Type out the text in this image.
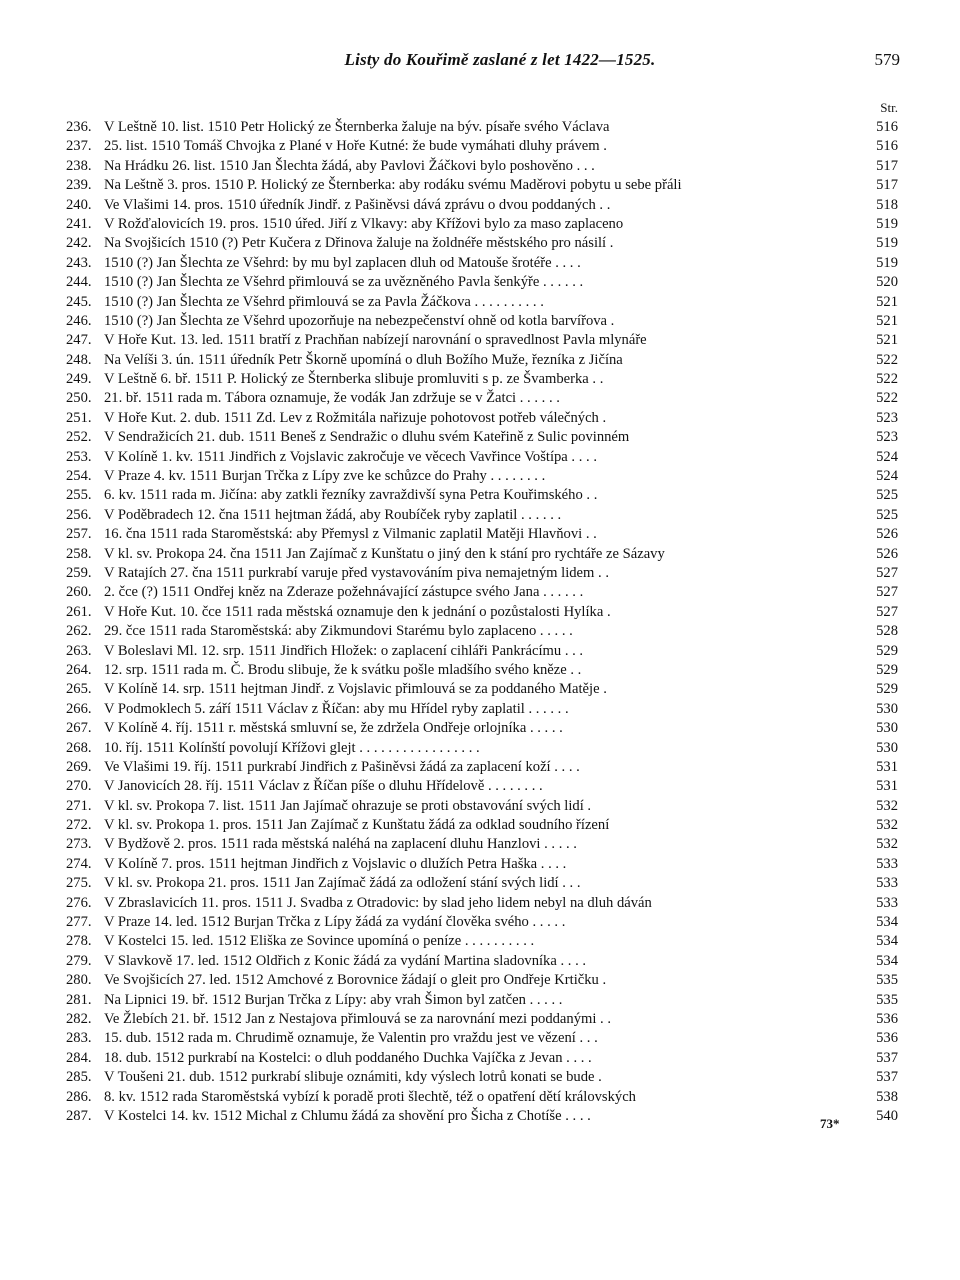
Listy do Kouřimě zaslané z let 1422—1525.	579
Str.
236. V Leštně 10. list. 1510 Petr Holický ze Šternberka žaluje na býv. písaře svého Václava	516
237. 25. list. 1510 Tomáš Chvojka z Plané v Hoře Kutné: že bude vymáhati dluhy právem .	516
238. Na Hrádku 26. list. 1510 Jan Šlechta žádá, aby Pavlovi Žáčkovi bylo poshověno . . .	517
239. Na Leštně 3. pros. 1510 P. Holický ze Šternberka: aby rodáku svému Maděrovi pobytu u sebe přáli	517
240. Ve Vlašimi 14. pros. 1510 úředník Jindř. z Pašiněvsi dává zprávu o dvou poddaných . .	518
241. V Rožďalovicích 19. pros. 1510 úřed. Jiří z Vlkavy: aby Křížovi bylo za maso zaplaceno	519
242. Na Svojšicích 1510 (?) Petr Kučera z Dřinova žaluje na žoldnéře městského pro násilí .	519
243. 1510 (?) Jan Šlechta ze Všehrd: by mu byl zaplacen dluh od Matouše šrotéře . . . .	519
244. 1510 (?) Jan Šlechta ze Všehrd přimlouvá se za uvězněného Pavla šenkýře . . . . . .	520
245. 1510 (?) Jan Šlechta ze Všehrd přimlouvá se za Pavla Žáčkova . . . . . . . . . .	521
246. 1510 (?) Jan Šlechta ze Všehrd upozorňuje na nebezpečenství ohně od kotla barvířova .	521
247. V Hoře Kut. 13. led. 1511 bratří z Prachňan nabízejí narovnání o spravedlnost Pavla mlynáře	521
248. Na Velíši 3. ún. 1511 úředník Petr Škorně upomíná o dluh Božího Muže, řezníka z Jičína	522
249. V Leštně 6. bř. 1511 P. Holický ze Šternberka slibuje promluviti s p. ze Švamberka . .	522
250. 21. bř. 1511 rada m. Tábora oznamuje, že vodák Jan zdržuje se v Žatci . . . . . .	522
251. V Hoře Kut. 2. dub. 1511 Zd. Lev z Rožmitála nařizuje pohotovost potřeb válečných .	523
252. V Sendražicích 21. dub. 1511 Beneš z Sendražic o dluhu svém Kateřině z Sulic povinném	523
253. V Kolíně 1. kv. 1511 Jindřich z Vojslavic zakročuje ve věcech Vavřince Voštípa . . . .	524
254. V Praze 4. kv. 1511 Burjan Trčka z Lípy zve ke schůzce do Prahy . . . . . . . .	524
255. 6. kv. 1511 rada m. Jičína: aby zatkli řezníky zavraždivší syna Petra Kouřimského . .	525
256. V Poděbradech 12. čna 1511 hejtman žádá, aby Roubíček ryby zaplatil . . . . . .	525
257. 16. čna 1511 rada Staroměstská: aby Přemysl z Vilmanic zaplatil Matěji Hlavňovi . .	526
258. V kl. sv. Prokopa 24. čna 1511 Jan Zajímač z Kunštatu o jiný den k stání pro rychtáře ze Sázavy	526
259. V Ratajích 27. čna 1511 purkrabí varuje před vystavováním piva nemajetným lidem . .	527
260. 2. čce (?) 1511 Ondřej kněz na Zderaze požehnávající zástupce svého Jana . . . . . .	527
261. V Hoře Kut. 10. čce 1511 rada městská oznamuje den k jednání o pozůstalosti Hylíka .	527
262. 29. čce 1511 rada Staroměstská: aby Zikmundovi Starému bylo zaplaceno . . . . .	528
263. V Boleslavi Ml. 12. srp. 1511 Jindřich Hložek: o zaplacení cihláři Pankrácímu . . .	529
264. 12. srp. 1511 rada m. Č. Brodu slibuje, že k svátku pošle mladšího svého kněze . .	529
265. V Kolíně 14. srp. 1511 hejtman Jindř. z Vojslavic přimlouvá se za poddaného Matěje .	529
266. V Podmoklech 5. září 1511 Václav z Říčan: aby mu Hřídel ryby zaplatil . . . . . .	530
267. V Kolíně 4. říj. 1511 r. městská smluvní se, že zdržela Ondřeje orlojníka . . . . .	530
268. 10. říj. 1511 Kolínští povolují Křížovi glejt . . . . . . . . . . . . . . . . .	530
269. Ve Vlašimi 19. říj. 1511 purkrabí Jindřich z Pašiněvsi žádá za zaplacení koží . . . .	531
270. V Janovicích 28. říj. 1511 Václav z Říčan píše o dluhu Hřídelově . . . . . . . .	531
271. V kl. sv. Prokopa 7. list. 1511 Jan Jajímač ohrazuje se proti obstavování svých lidí .	532
272. V kl. sv. Prokopa 1. pros. 1511 Jan Zajímač z Kunštatu žádá za odklad soudního řízení	532
273. V Bydžově 2. pros. 1511 rada městská naléhá na zaplacení dluhu Hanzlovi . . . . .	532
274. V Kolíně 7. pros. 1511 hejtman Jindřich z Vojslavic o dlužích Petra Haška . . . .	533
275. V kl. sv. Prokopa 21. pros. 1511 Jan Zajímač žádá za odložení stání svých lidí . . .	533
276. V Zbraslavicích 11. pros. 1511 J. Svadba z Otradovic: by slad jeho lidem nebyl na dluh dáván	533
277. V Praze 14. led. 1512 Burjan Trčka z Lípy žádá za vydání člověka svého . . . . .	534
278. V Kostelci 15. led. 1512 Eliška ze Sovince upomíná o peníze . . . . . . . . . .	534
279. V Slavkově 17. led. 1512 Oldřich z Konic žádá za vydání Martina sladovníka . . . .	534
280. Ve Svojšicích 27. led. 1512 Amchové z Borovnice žádají o gleit pro Ondřeje Krtičku .	535
281. Na Lipnici 19. bř. 1512 Burjan Trčka z Lípy: aby vrah Šimon byl zatčen . . . . .	535
282. Ve Žlebích 21. bř. 1512 Jan z Nestajova přimlouvá se za narovnání mezi poddanými . .	536
283. 15. dub. 1512 rada m. Chrudimě oznamuje, že Valentin pro vraždu jest ve vězení . . .	536
284. 18. dub. 1512 purkrabí na Kostelci: o dluh poddaného Duchka Vajíčka z Jevan . . . .	537
285. V Toušeni 21. dub. 1512 purkrabí slibuje oznámiti, kdy výslech lotrů konati se bude .	537
286. 8. kv. 1512 rada Staroměstská vybízí k poradě proti šlechtě, též o opatření dětí královských	538
287. V Kostelci 14. kv. 1512 Michal z Chlumu žádá za shovění pro Šicha z Chotíše . . . .	540
73*
